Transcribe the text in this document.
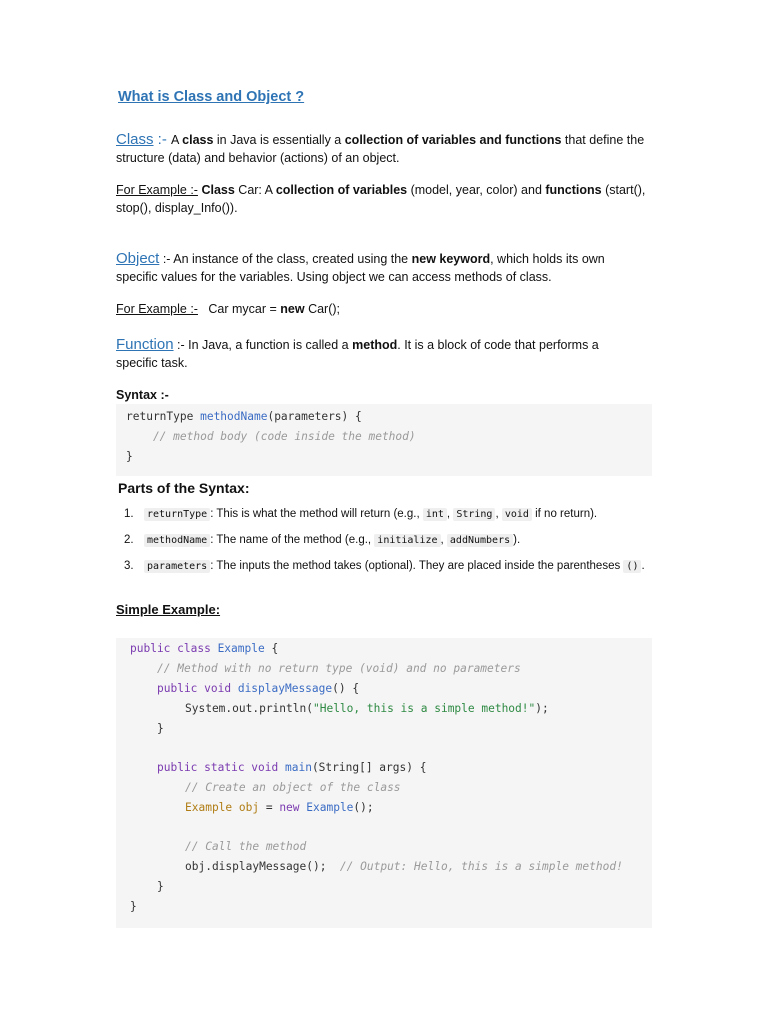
What is Class and Object ?
Class :- A class in Java is essentially a collection of variables and functions that define the
structure (data) and behavior (actions) of an object.
For Example :- Class Car: A collection of variables (model, year, color) and functions (start(),
stop(), display_Info()).
Object :- An instance of the class, created using the new keyword, which holds its own
specific values for the variables. Using object we can access methods of class.
For Example :-   Car mycar = new Car();
Function :- In Java, a function is called a method. It is a block of code that performs a
specific task.
Syntax :-
returnType methodName(parameters) {
// method body (code inside the method)
}
Parts of the Syntax:
1. returnType : This is what the method will return (e.g., int , String , void if no return).
2. methodName : The name of the method (e.g., initialize , addNumbers ).
3. parameters : The inputs the method takes (optional). They are placed inside the parentheses () .
Simple Example:
public class Example {
// Method with no return type (void) and no parameters
public void displayMessage() {
System.out.println("Hello, this is a simple method!");
}
public static void main(String[] args) {
// Create an object of the class
Example obj = new Example();
// Call the method
obj.displayMessage();  // Output: Hello, this is a simple method!
}
}
